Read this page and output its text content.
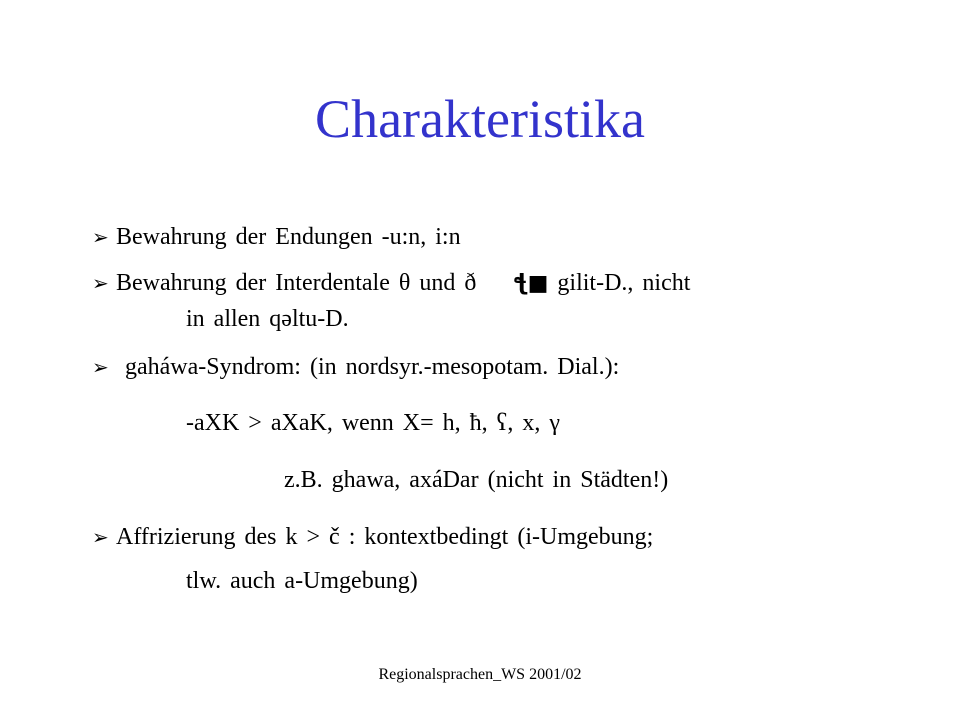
Charakteristika
➢ Bewahrung der Endungen -u:n, i:n
➢ Bewahrung der Interdentale θ und ð ꞎ■ gilit-D., nicht
in allen qəltu-D.
➢ gaháwa-Syndrom: (in nordsyr.-mesopotam. Dial.):
-aXK > aXaK, wenn X= h, ħ, ʕ, x, γ
z.B. ghawa, axáDar (nicht in Städten!)
➢ Affrizierung des k > č : kontextbedingt (i-Umgebung;
tlw. auch a-Umgebung)
Regionalsprachen_WS 2001/02
